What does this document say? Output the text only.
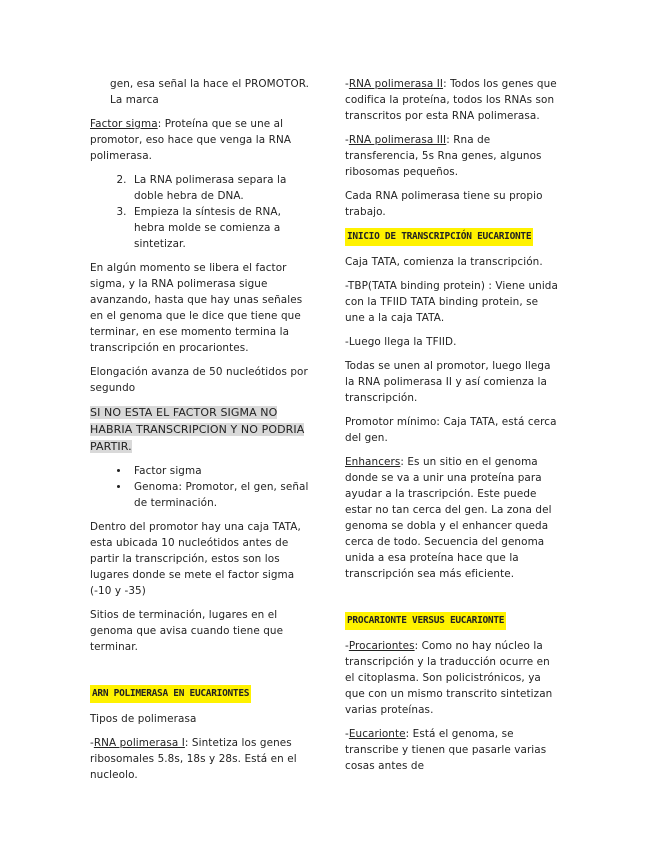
gen, esa señal la hace el PROMOTOR. La marca

Factor sigma: Proteína que se une al promotor, eso hace que venga la RNA polimerasa.

2. La RNA polimerasa separa la doble hebra de DNA.
3. Empieza la síntesis de RNA, hebra molde se comienza a sintetizar.

En algún momento se libera el factor sigma, y la RNA polimerasa sigue avanzando, hasta que hay unas señales en el genoma que le dice que tiene que terminar, en ese momento termina la transcripción en procariontes.

Elongación avanza de 50 nucleótidos por segundo

SI NO ESTA EL FACTOR SIGMA NO HABRIA TRANSCRIPCION Y NO PODRIA PARTIR.

• Factor sigma
• Genoma: Promotor, el gen, señal de terminación.

Dentro del promotor hay una caja TATA, esta ubicada 10 nucleótidos antes de partir la transcripción, estos son los lugares donde se mete el factor sigma (-10 y -35)

Sitios de terminación, lugares en el genoma que avisa cuando tiene que terminar.

ARN POLIMERASA EN EUCARIONTES

Tipos de polimerasa

-RNA polimerasa I: Sintetiza los genes ribosomales 5.8s, 18s y 28s. Está en el nucleolo.

-RNA polimerasa II: Todos los genes que codifica la proteína, todos los RNAs son transcritos por esta RNA polimerasa.

-RNA polimerasa III: Rna de transferencia, 5s Rna genes, algunos ribosomas pequeños.

Cada RNA polimerasa tiene su propio trabajo.

INICIO DE TRANSCRIPCIÓN EUCARIONTE

Caja TATA, comienza la transcripción.

-TBP(TATA binding protein) : Viene unida con la TFIID TATA binding protein, se une a la caja TATA.

-Luego llega la TFIID.

Todas se unen al promotor, luego llega la RNA polimerasa II y así comienza la transcripción.

Promotor mínimo: Caja TATA, está cerca del gen.

Enhancers: Es un sitio en el genoma donde se va a unir una proteína para ayudar a la trascripción. Este puede estar no tan cerca del gen. La zona del genoma se dobla y el enhancer queda cerca de todo. Secuencia del genoma unida a esa proteína hace que la transcripción sea más eficiente.

PROCARIONTE VERSUS EUCARIONTE

-Procariontes: Como no hay núcleo la transcripción y la traducción ocurre en el citoplasma. Son policistrónicos, ya que con un mismo transcrito sintetizan varias proteínas.

-Eucarionte: Está el genoma, se transcribe y tienen que pasarle varias cosas antes de
